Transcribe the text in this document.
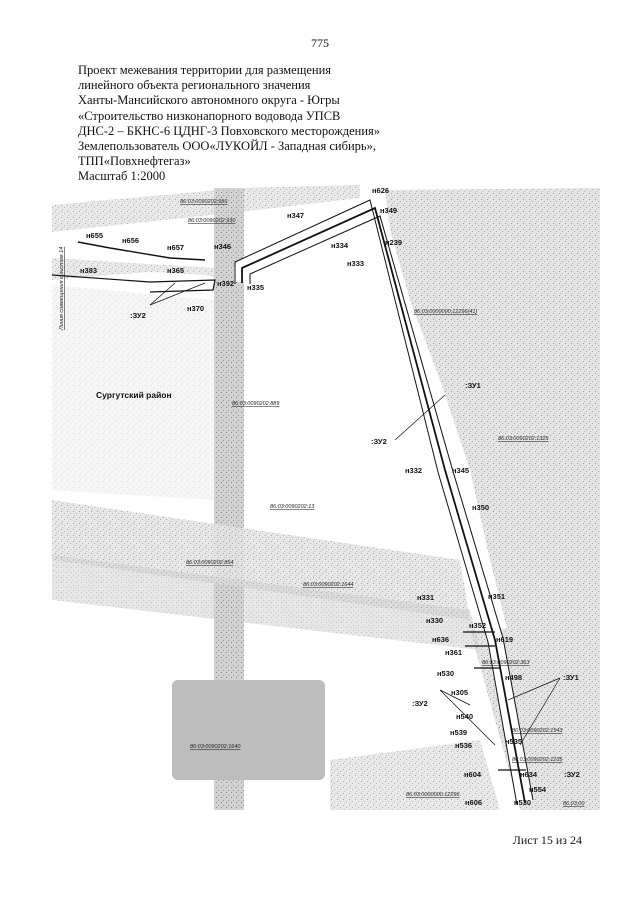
775
Проект межевания территории для размещения
линейного объекта регионального значения
Ханты-Мансийского автономного округа - Югры
«Строительство низконапорного водовода УПСВ
ДНС-2 – БКНС-6 ЦДНГ-3 Повховского месторождения»
Землепользователь ООО«ЛУКОЙЛ - Западная сибирь»,
ТПП«Повхнефтегаз»
Масштаб 1:2000
Линия совмещения с листом 14
Сургутский район
86:03:0090202:956
86:03:0090202:930
86:03:0000000:12296(41)
86:03:0090202:889
86:03:0090202:1325
86:03:0090202:13
86:03:0090202:854
86:03:0090202:1644
86:03:0090202:363
86:03:0090202:1543
86:03:0090202:1640
86:03:0090202:1235
86:03:0000000:12296
86:03:00
н626
н347
н349
н655
н656
н657	н346	н334	н239
н333
н383	н365
н392 н335
н370
н332	н345
н350
н331	н351
н330
н352
н636	н619
н361
н530	н498
н305
н540
н539
н535
н536
н604	н634
н554
н606	н530
:ЗУ2
:ЗУ1
:ЗУ2
:ЗУ1
:ЗУ2
:ЗУ2
Лист 15 из 24
